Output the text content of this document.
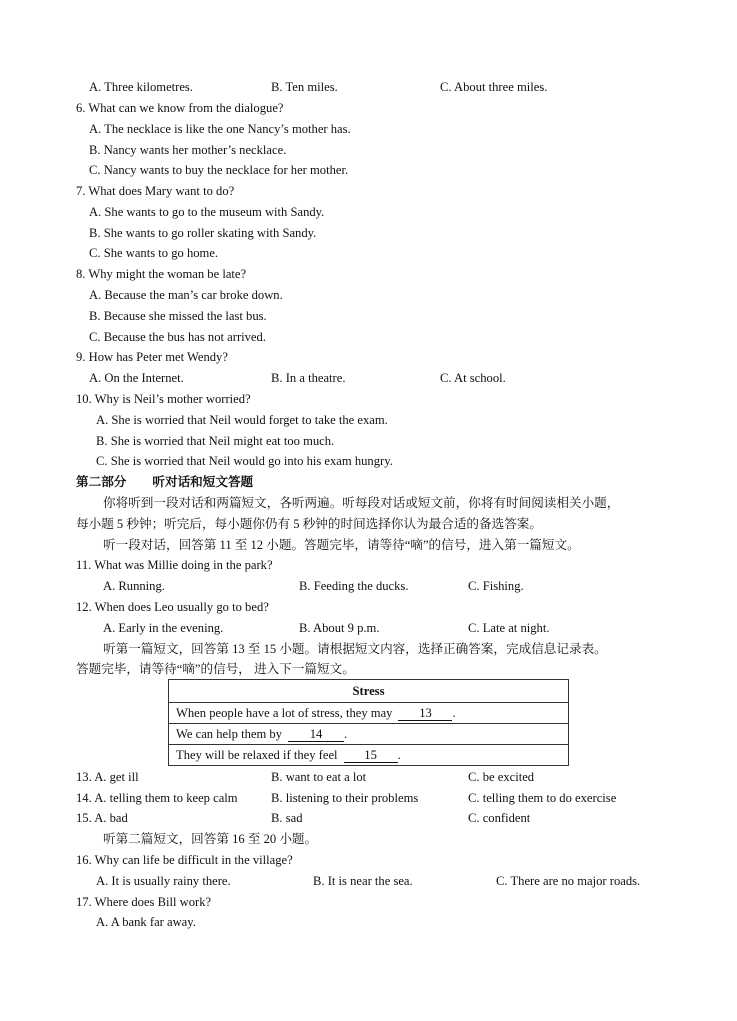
A. Three kilometres.	B. Ten miles.	C. About three miles.
6. What can we know from the dialogue?
A. The necklace is like the one Nancy’s mother has.
B. Nancy wants her mother’s necklace.
C. Nancy wants to buy the necklace for her mother.
7. What does Mary want to do?
A. She wants to go to the museum with Sandy.
B. She wants to go roller skating with Sandy.
C. She wants to go home.
8. Why might the woman be late?
A. Because the man’s car broke down.
B. Because she missed the last bus.
C. Because the bus has not arrived.
9. How has Peter met Wendy?
A. On the Internet.	B. In a theatre.	C. At school.
10. Why is Neil’s mother worried?
A. She is worried that Neil would forget to take the exam.
B. She is worried that Neil might eat too much.
C. She is worried that Neil would go into his exam hungry.
第二部分 听对话和短文答题
你将听到一段对话和两篇短文，各听两遍。听每段对话或短文前，你将有时间阅读相关小题，
每小题 5 秒钟；听完后，每小题你仍有 5 秒钟的时间选择你认为最合适的备选答案。
听一段对话，回答第 11 至 12 小题。答题完毕，请等待“嘀”的信号，进入第一篇短文。
11. What was Millie doing in the park?
A. Running.	B. Feeding the ducks.	C. Fishing.
12. When does Leo usually go to bed?
A. Early in the evening.	B. About 9 p.m.	C. Late at night.
听第一篇短文，回答第 13 至 15 小题。请根据短文内容，选择正确答案，完成信息记录表。
答题完毕，请等待“嘀”的信号， 进入下一篇短文。
Stress
When people have a lot of stress, they may 13 .
We can help them by 14 .
They will be relaxed if they feel 15 .
13. A. get ill	B. want to eat a lot	C. be excited
14. A. telling them to keep calm	B. listening to their problems	C. telling them to do exercise
15. A. bad	B. sad	C. confident
听第二篇短文，回答第 16 至 20 小题。
16. Why can life be difficult in the village?
A. It is usually rainy there.	B. It is near the sea.	C. There are no major roads.
17. Where does Bill work?
A. A bank far away.
